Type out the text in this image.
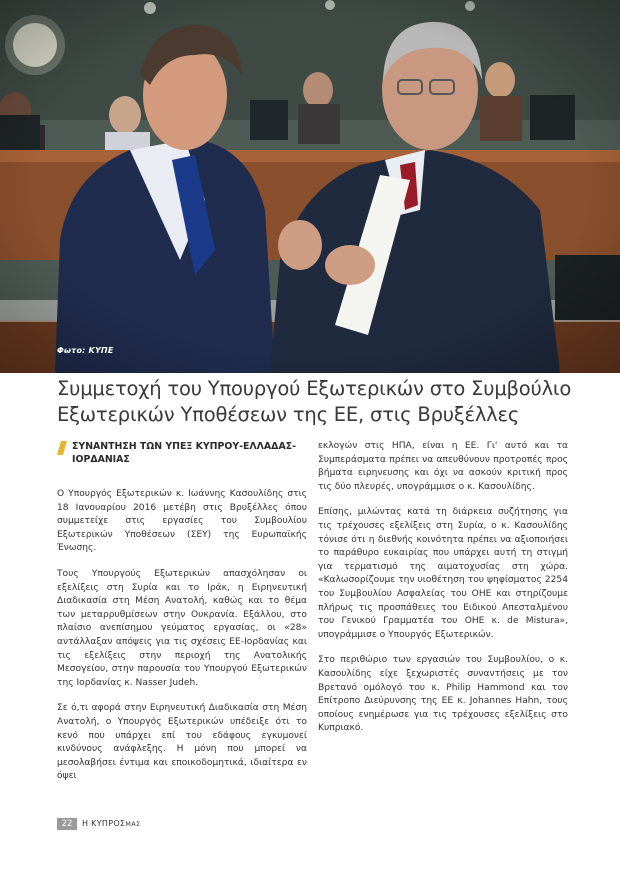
Φωτο: ΚΥΠΕ
Συμμετοχή του Υπουργού Εξωτερικών στο Συμβούλιο
Εξωτερικών Υποθέσεων της ΕΕ, στις Βρυξέλλες
ΣΥΝΑΝΤΗΣΗ ΤΩΝ ΥΠΕΞ ΚΥΠΡΟΥ-ΕΛΛΑΔΑΣ-
ΙΟΡΔΑΝΙΑΣ

Ο Υπουργός Εξωτερικών κ. Ιωάννης Κασουλίδης στις 18 Ιανουαρίου 2016 μετέβη στις Βρυξέλλες όπου συμμετείχε στις εργασίες του Συμβουλίου Εξωτερικών Υποθέσεων (ΣΕΥ) της Ευρωπαϊκής Ένωσης.

Τους Υπουργούς Εξωτερικών απασχόλησαν οι εξελίξεις στη Συρία και το Ιράκ, η Ειρηνευτική Διαδικασία στη Μέση Ανατολή, καθώς και το θέμα των μεταρρυθμίσεων στην Ουκρανία. Εξάλλου, στο πλαίσιο ανεπίσημου γεύματος εργασίας, οι «28» αντάλλαξαν απόψεις για τις σχέσεις ΕΕ-Ιορδανίας και τις εξελίξεις στην περιοχή της Ανατολικής Μεσογείου, στην παρουσία του Υπουργού Εξωτερικών της Ιορδανίας κ. Nasser Judeh.

Σε ό,τι αφορά στην Ειρηνευτική Διαδικασία στη Μέση Ανατολή, ο Υπουργός Εξωτερικών υπέδειξε ότι το κενό που υπάρχει επί του εδάφους εγκυμονεί κινδύνους ανάφλεξης. Η μόνη που μπορεί να μεσολαβήσει έντιμα και εποικοδομητικά, ιδιαίτερα εν όψει

εκλογών στις ΗΠΑ, είναι η ΕΕ. Γι' αυτό και τα Συμπεράσματα πρέπει να απευθύνουν προτροπές προς βήματα ειρηνευσης και όχι να ασκούν κριτική προς τις δύο πλευρές, υπογράμμισε ο κ. Κασουλίδης.

Επίσης, μιλώντας κατά τη διάρκεια συζήτησης για τις τρέχουσες εξελίξεις στη Συρία, ο κ. Κασουλίδης τόνισε ότι η διεθνής κοινότητα πρέπει να αξιοποιήσει το παράθυρο ευκαιρίας που υπάρχει αυτή τη στιγμή για τερματισμό της αιματοχυσίας στη χώρα. «Καλωσορίζουμε την υιοθέτηση του ψηφίσματος 2254 του Συμβουλίου Ασφαλείας του ΟΗΕ και στηρίζουμε πλήρως τις προσπάθειες του Ειδικού Απεσταλμένου του Γενικού Γραμματέα του ΟΗΕ κ. de Mistura», υπογράμμισε ο Υπουργός Εξωτερικών.

Στο περιθώριο των εργασιών του Συμβουλίου, ο κ. Κασουλίδης είχε ξεχωριστές συναντήσεις με τον Βρετανό ομόλογό του κ. Philip Hammond και τον Επίτροπο Διεύρυνσης της ΕΕ κ. Johannes Hahn, τους οποίους ενημέρωσε για τις τρέχουσες εξελίξεις στο Κυπριακό.

22	Η ΚΥΠΡΟΣΜΑΣ
